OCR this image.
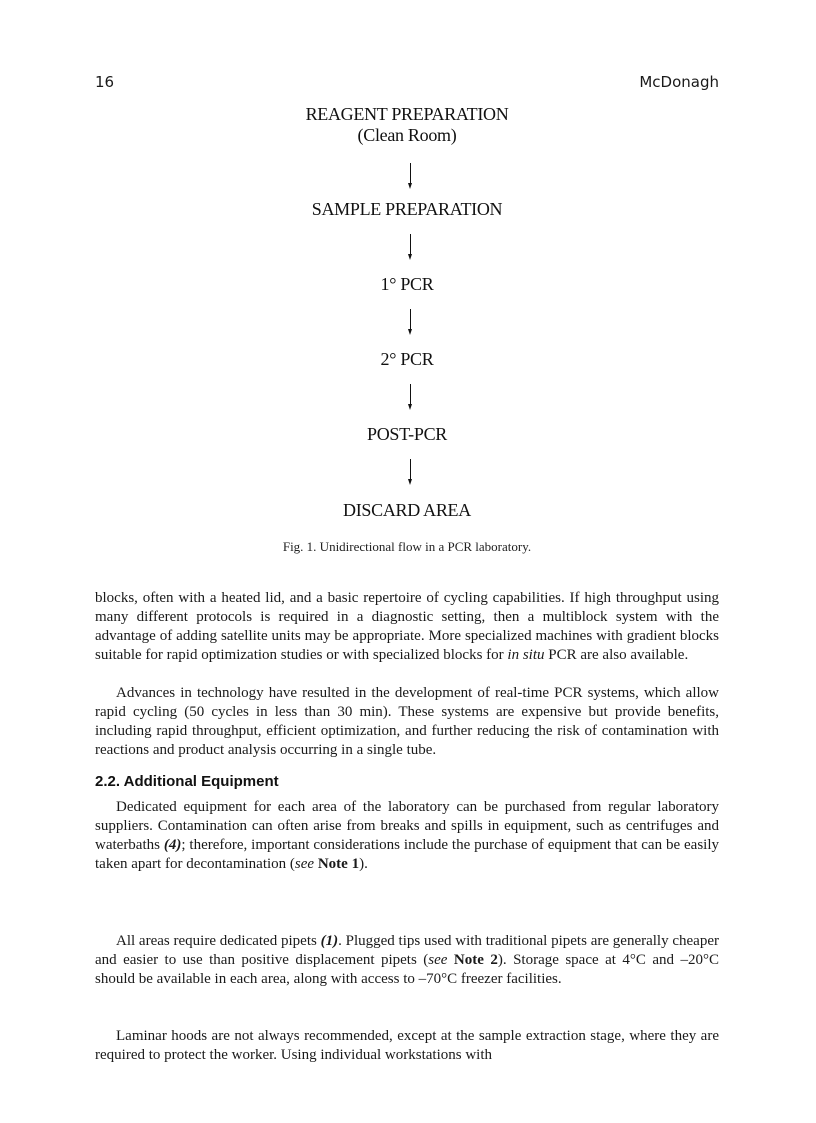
16	McDonagh
REAGENT PREPARATION
(Clean Room)
SAMPLE PREPARATION
1° PCR
2° PCR
POST-PCR
DISCARD AREA
Fig. 1. Unidirectional flow in a PCR laboratory.
blocks, often with a heated lid, and a basic repertoire of cycling capabilities. If high throughput using many different protocols is required in a diagnostic setting, then a multiblock system with the advantage of adding satellite units may be appropriate. More specialized machines with gradient blocks suitable for rapid optimization studies or with specialized blocks for in situ PCR are also available.
Advances in technology have resulted in the development of real-time PCR systems, which allow rapid cycling (50 cycles in less than 30 min). These systems are expensive but provide benefits, including rapid throughput, efficient optimization, and further reducing the risk of contamination with reactions and product analysis occurring in a single tube.
2.2. Additional Equipment
Dedicated equipment for each area of the laboratory can be purchased from regular laboratory suppliers. Contamination can often arise from breaks and spills in equipment, such as centrifuges and waterbaths (4); therefore, important considerations include the purchase of equipment that can be easily taken apart for decontamination (see Note 1).
All areas require dedicated pipets (1). Plugged tips used with traditional pipets are generally cheaper and easier to use than positive displacement pipets (see Note 2). Storage space at 4°C and –20°C should be available in each area, along with access to –70°C freezer facilities.
Laminar hoods are not always recommended, except at the sample extraction stage, where they are required to protect the worker. Using individual workstations with
